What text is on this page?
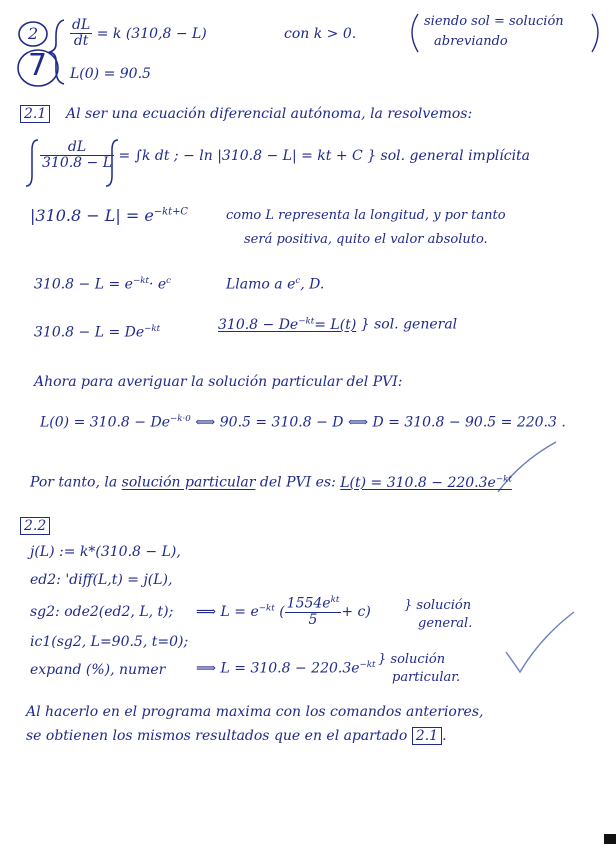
2
7
$\frac{dL}{dt} = k$ (310,8 − L)
L(0) = 90.5
con k > 0.
siendo sol = solución
abreviando
2.1 Al ser una ecuación diferencial autónoma, la resolvemos:
$\frac{dL}{310.8 - L} = \int k$ dt ; − ln |310.8 − L| = kt + C } sol. general implícita
$|310.8 - L| = e^{-kt+C}$	como L representa la longitud, y por tanto
será positiva, quito el valor absoluto.
$310.8 - L = e^{-kt}\cdot e^c$	Llamo a $e^c$, D.
$310.8 - L = De^{-kt}$	$310.8 - De^{-kt}= L(t)$ } sol. general
Ahora para averiguar la solución particular del PVI:
$L(0) = 310.8 - De^{-k\cdot 0}$ ⟺ 90.5 = 310.8 − D ⟺ D = 310.8 − 90.5 = 220.3 .
Por tanto, la solución particular del PVI es: $L(t) = 310.8 - 220.3e^{-kt}$
2.2
j(L) := k*(310.8 − L),
ed2: 'diff(L,t) = j(L),
sg2: ode2(ed2, L, t); ⟹ $L = e^{-kt}$ ( $\frac{1554e^{kt}}{5} + c$)	} solución
general.
ic1(sg2, L=90.5, t=0);
expand (%), numer ⟹ $L = 310.8 - 220.3e^{-kt}$ } solución
particular.
Al hacerlo en el programa maxima con los comandos anteriores,
se obtienen los mismos resultados que en el apartado 2.1 .
